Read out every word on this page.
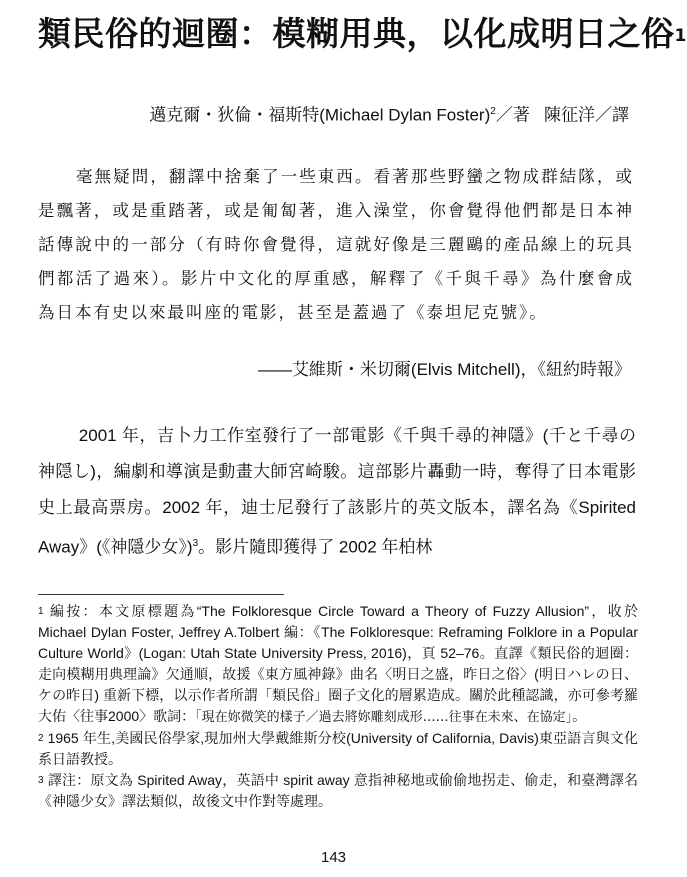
類民俗的迴圈：模糊用典，以化成明日之俗$^1$
邁克爾・狄倫・福斯特(Michael Dylan Foster)$^2$／著 陳征洋／譯

毫無疑問，翻譯中捨棄了一些東西。看著那些野蠻之物成群結隊，或是飄著，或是重踏著，或是匍匐著，進入澡堂，你會覺得他們都是日本神話傳說中的一部分（有時你會覺得，這就好像是三麗鷗的產品線上的玩具們都活了過來）。影片中文化的厚重感，解釋了《千與千尋》為什麼會成為日本有史以來最叫座的電影，甚至是蓋過了《泰坦尼克號》。

——艾維斯・米切爾(Elvis Mitchell)，《紐約時報》

2001 年，吉卜力工作室發行了一部電影《千與千尋的神隱》(千と千尋の神隠し)，編劇和導演是動畫大師宮崎駿。這部影片轟動一時，奪得了日本電影史上最高票房。2002 年，迪士尼發行了該影片的英文版本，譯名為《Spirited Away》(《神隱少女》)$^3$。影片隨即獲得了 2002 年柏林

$^1$ 編按：本文原標題為“The Folkloresque Circle Toward a Theory of Fuzzy Allusion”，收於 Michael Dylan Foster, Jeffrey A.Tolbert 編：《The Folkloresque: Reframing Folklore in a Popular Culture World》(Logan: Utah State University Press, 2016)，頁 52–76。直譯《類民俗的迴圈：走向模糊用典理論》欠通順，故援《東方風神錄》曲名〈明日之盛，昨日之俗〉(明日ハレの日、ケの昨日) 重新下標，以示作者所謂「類民俗」圈子文化的層累造成。關於此種認識，亦可參考羅大佑〈往事2000〉歌詞：「現在妳微笑的樣子／過去將妳雕刻成形……往事在未來、在協定」。

$^2$ 1965 年生,美國民俗學家,現加州大學戴維斯分校(University of California, Davis)東亞語言與文化系日語教授。

$^3$ 譯注：原文為 Spirited Away，英語中 spirit away 意指神秘地或偷偷地拐走、偷走，和臺灣譯名《神隱少女》譯法類似，故後文中作對等處理。

143
